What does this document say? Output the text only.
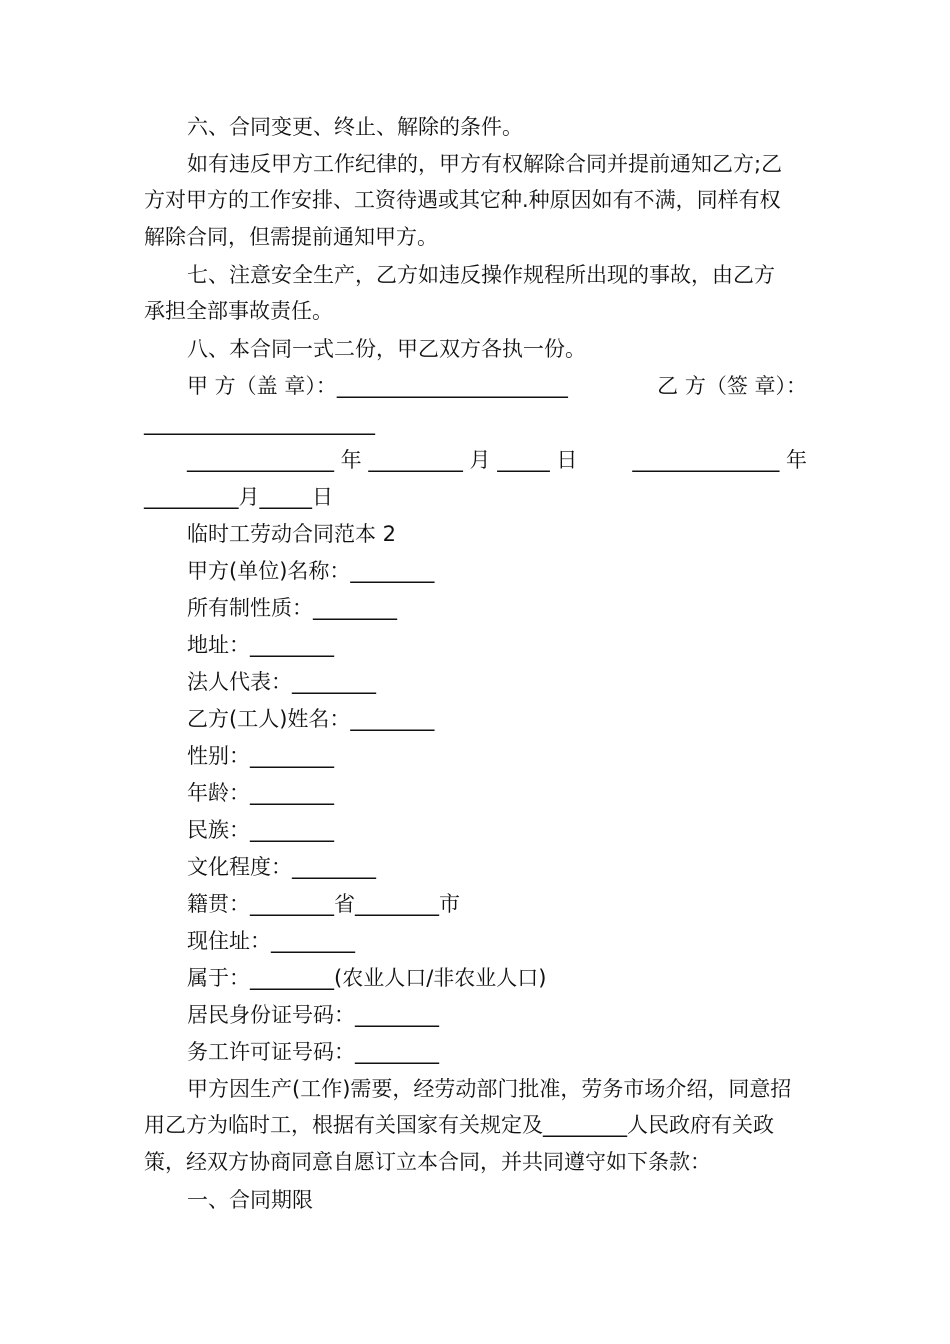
六、合同变更、终止、解除的条件。
如有违反甲方工作纪律的，甲方有权解除合同并提前通知乙方;乙
方对甲方的工作安排、工资待遇或其它种.种原因如有不满，同样有权
解除合同，但需提前通知甲方。
七、注意安全生产，乙方如违反操作规程所出现的事故，由乙方
承担全部事故责任。
八、本合同一式二份，甲乙双方各执一份。
甲 方（盖 章）：______________________	乙 方（签 章）：
______________________
______________ 年 _________ 月 _____ 日	______________ 年
_________月_____日
临时工劳动合同范本 2
甲方(单位)名称：________
所有制性质：________
地址：________
法人代表：________
乙方(工人)姓名：________
性别：________
年龄：________
民族：________
文化程度：________
籍贯：________省________市
现住址：________
属于：________(农业人口/非农业人口)
居民身份证号码：________
务工许可证号码：________
甲方因生产(工作)需要，经劳动部门批准，劳务市场介绍，同意招
用乙方为临时工，根据有关国家有关规定及________人民政府有关政
策，经双方协商同意自愿订立本合同，并共同遵守如下条款：
一、合同期限
